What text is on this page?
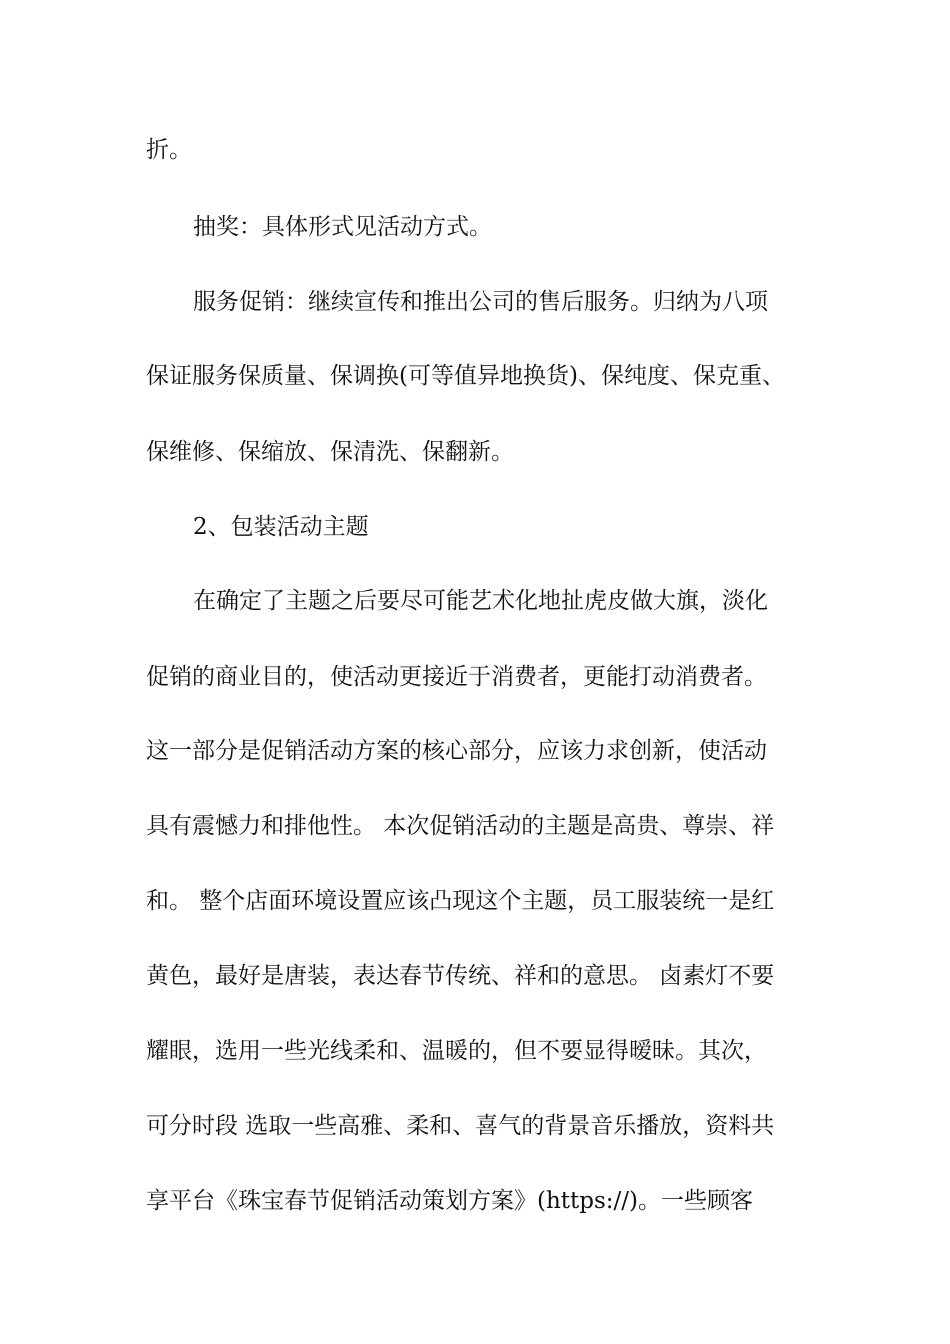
折。
抽奖：具体形式见活动方式。
服务促销：继续宣传和推出公司的售后服务。归纳为八项
保证服务保质量、保调换(可等值异地换货)、保纯度、保克重、
保维修、保缩放、保清洗、保翻新。
2、包装活动主题
在确定了主题之后要尽可能艺术化地扯虎皮做大旗，淡化
促销的商业目的，使活动更接近于消费者，更能打动消费者。
这一部分是促销活动方案的核心部分，应该力求创新，使活动
具有震憾力和排他性。 本次促销活动的主题是高贵、尊崇、祥
和。 整个店面环境设置应该凸现这个主题，员工服装统一是红
黄色，最好是唐装，表达春节传统、祥和的意思。 卤素灯不要
耀眼，选用一些光线柔和、温暖的，但不要显得暧昧。其次，
可分时段 选取一些高雅、柔和、喜气的背景音乐播放，资料共
享平台《珠宝春节促销活动策划方案》(https://)。一些顾客
